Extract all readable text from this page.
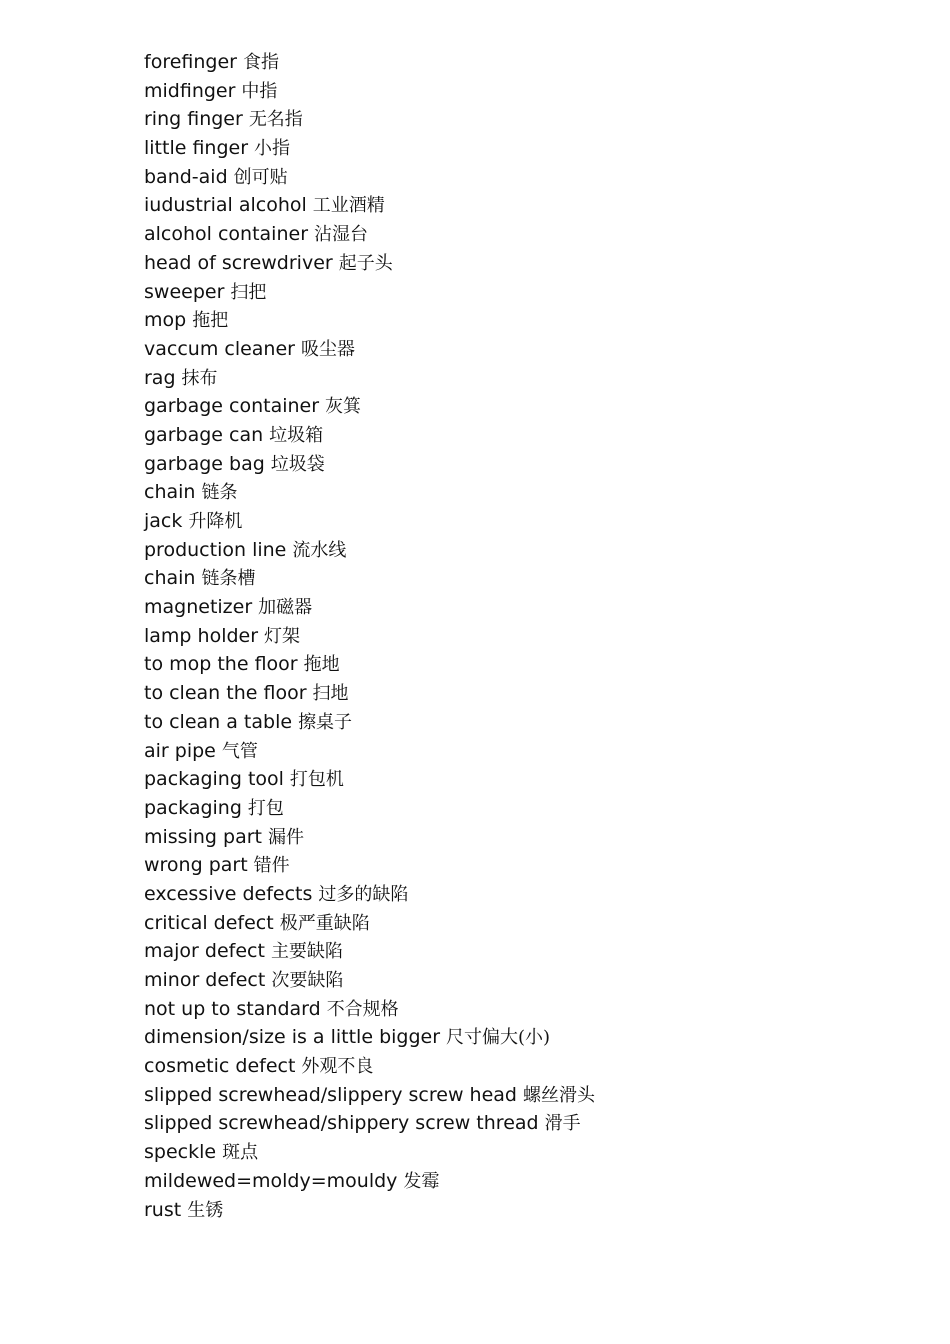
forefinger 食指
midfinger 中指
ring finger 无名指
little finger 小指
band-aid 创可贴
iudustrial alcohol 工业酒精
alcohol container 沾湿台
head of screwdriver 起子头
sweeper 扫把
mop 拖把
vaccum cleaner 吸尘器
rag 抹布
garbage container 灰箕
garbage can 垃圾箱
garbage bag 垃圾袋
chain 链条
jack 升降机
production line 流水线
chain 链条槽
magnetizer 加磁器
lamp holder 灯架
to mop the floor 拖地
to clean the floor 扫地
to clean a table 擦桌子
air pipe 气管
packaging tool 打包机
packaging 打包
missing part 漏件
wrong part 错件
excessive defects 过多的缺陷
critical defect 极严重缺陷
major defect 主要缺陷
minor defect 次要缺陷
not up to standard 不合规格
dimension/size is a little bigger 尺寸偏大(小)
cosmetic defect 外观不良
slipped screwhead/slippery screw head 螺丝滑头
slipped screwhead/shippery screw thread 滑手
speckle 斑点
mildewed=moldy=mouldy 发霉
rust 生锈
